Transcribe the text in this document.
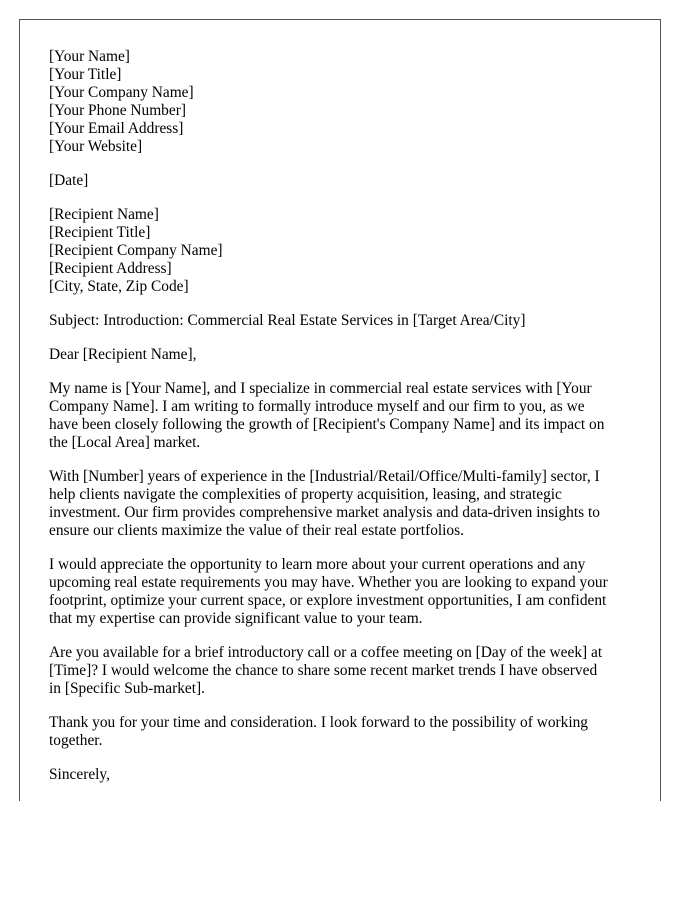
[Your Name]
[Your Title]
[Your Company Name]
[Your Phone Number]
[Your Email Address]
[Your Website]
[Date]
[Recipient Name]
[Recipient Title]
[Recipient Company Name]
[Recipient Address]
[City, State, Zip Code]
Subject: Introduction: Commercial Real Estate Services in [Target Area/City]
Dear [Recipient Name],
My name is [Your Name], and I specialize in commercial real estate services with [Your
Company Name]. I am writing to formally introduce myself and our firm to you, as we
have been closely following the growth of [Recipient's Company Name] and its impact on
the [Local Area] market.
With [Number] years of experience in the [Industrial/Retail/Office/Multi-family] sector, I
help clients navigate the complexities of property acquisition, leasing, and strategic
investment. Our firm provides comprehensive market analysis and data-driven insights to
ensure our clients maximize the value of their real estate portfolios.
I would appreciate the opportunity to learn more about your current operations and any
upcoming real estate requirements you may have. Whether you are looking to expand your
footprint, optimize your current space, or explore investment opportunities, I am confident
that my expertise can provide significant value to your team.
Are you available for a brief introductory call or a coffee meeting on [Day of the week] at
[Time]? I would welcome the chance to share some recent market trends I have observed
in [Specific Sub-market].
Thank you for your time and consideration. I look forward to the possibility of working
together.
Sincerely,
